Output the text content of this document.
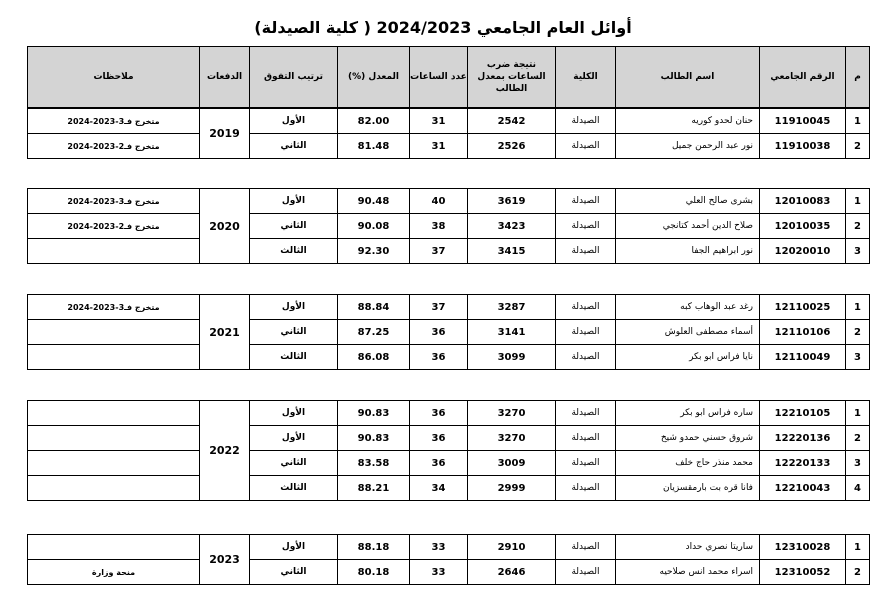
أوائل العام الجامعي 2024/2023 ( كلية الصيدلة)
م	الرقم الجامعي	اسم الطالب	الكلية	نتيجة ضرب الساعات بمعدل الطالب	عدد الساعات	المعدل (%)	ترتيب التفوق	الدفعات	ملاحظات
1	11910045	حنان لحدو كوريه	الصيدلة	2542	31	82.00	الأول	2019	متخرج فـ3-2023-2024
2	11910038	نور عبد الرحمن جميل	الصيدلة	2526	31	81.48	الثاني		متخرج فـ2-2023-2024
1	12010083	بشرى صالح العلي	الصيدلة	3619	40	90.48	الأول	2020	متخرج فـ3-2023-2024
2	12010035	صلاح الدين أحمد كتانجي	الصيدلة	3423	38	90.08	الثاني		متخرج فـ2-2023-2024
3	12020010	نور ابراهيم الجفا	الصيدلة	3415	37	92.30	الثالث		
1	12110025	رغد عبد الوهاب كبه	الصيدلة	3287	37	88.84	الأول	2021	متخرج فـ3-2023-2024
2	12110106	أسماء مصطفى العلوش	الصيدلة	3141	36	87.25	الثاني		
3	12110049	نايا فراس ابو بكر	الصيدلة	3099	36	86.08	الثالث		
1	12210105	ساره فراس ابو بكر	الصيدلة	3270	36	90.83	الأول	2022	
2	12220136	شروق حسني حمدو شيخ	الصيدلة	3270	36	90.83	الأول		
3	12220133	محمد منذر حاج خلف	الصيدلة	3009	36	83.58	الثاني		
4	12210043	فانا قره بت بارمقسزيان	الصيدلة	2999	34	88.21	الثالث		
1	12310028	ساريتا نصري حداد	الصيدلة	2910	33	88.18	الأول	2023	
2	12310052	اسراء محمد انس صلاحيه	الصيدلة	2646	33	80.18	الثاني		منحة وزارة
